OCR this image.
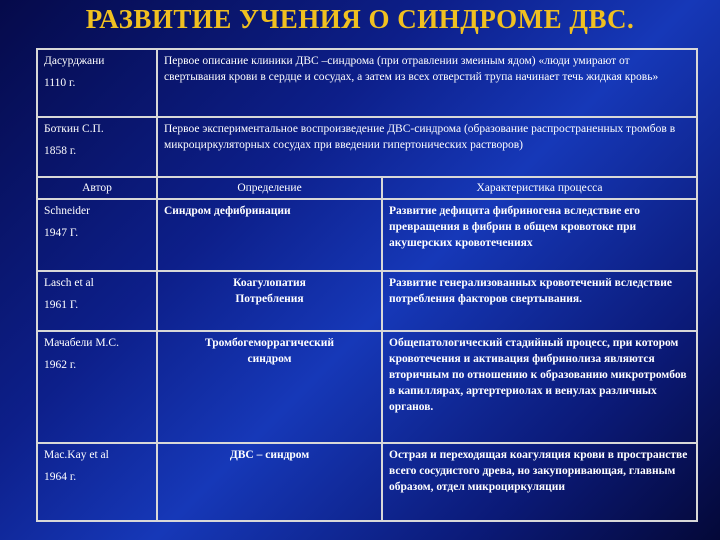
РАЗВИТИЕ УЧЕНИЯ О СИНДРОМЕ ДВС.
Дасурджани
1110 г.	Первое описание клиники ДВС –синдрома (при отравлении змеиным ядом) «люди умирают от свертывания крови в сердце и сосудах, а затем из всех отверстий трупа начинает течь жидкая кровь»	

Боткин С.П.
1858 г.	Первое экспериментальное воспроизведение ДВС-синдрома (образование распространенных тромбов в микроциркуляторных сосудах при введении гипертонических растворов)	
Автор	Определение	Характеристика процесса

Schneider
1947 Г.	Синдром дефибринации	Развитие дефицита фибриногена вследствие его превращения в фибрин в общем кровотоке при акушерских кровотечениях

Lasch et al
1961 Г.	Коагулопатия Потребления	Развитие генерализованных кровотечений вследствие потребления факторов свертывания.

Мачабели М.С.
1962 г.	Тромбогеморрагический синдром	Общепатологический стадийный процесс, при котором кровотечения и активация фибринолиза являются вторичным по отношению к образованию микротромбов в капиллярах, артертериолах и венулах различных органов.

Mac.Kay et al
1964 г.	ДВС – синдром	Острая и переходящая коагуляция крови в пространстве всего сосудистого древа, но закупоривающая, главным образом, отдел микроциркуляции
